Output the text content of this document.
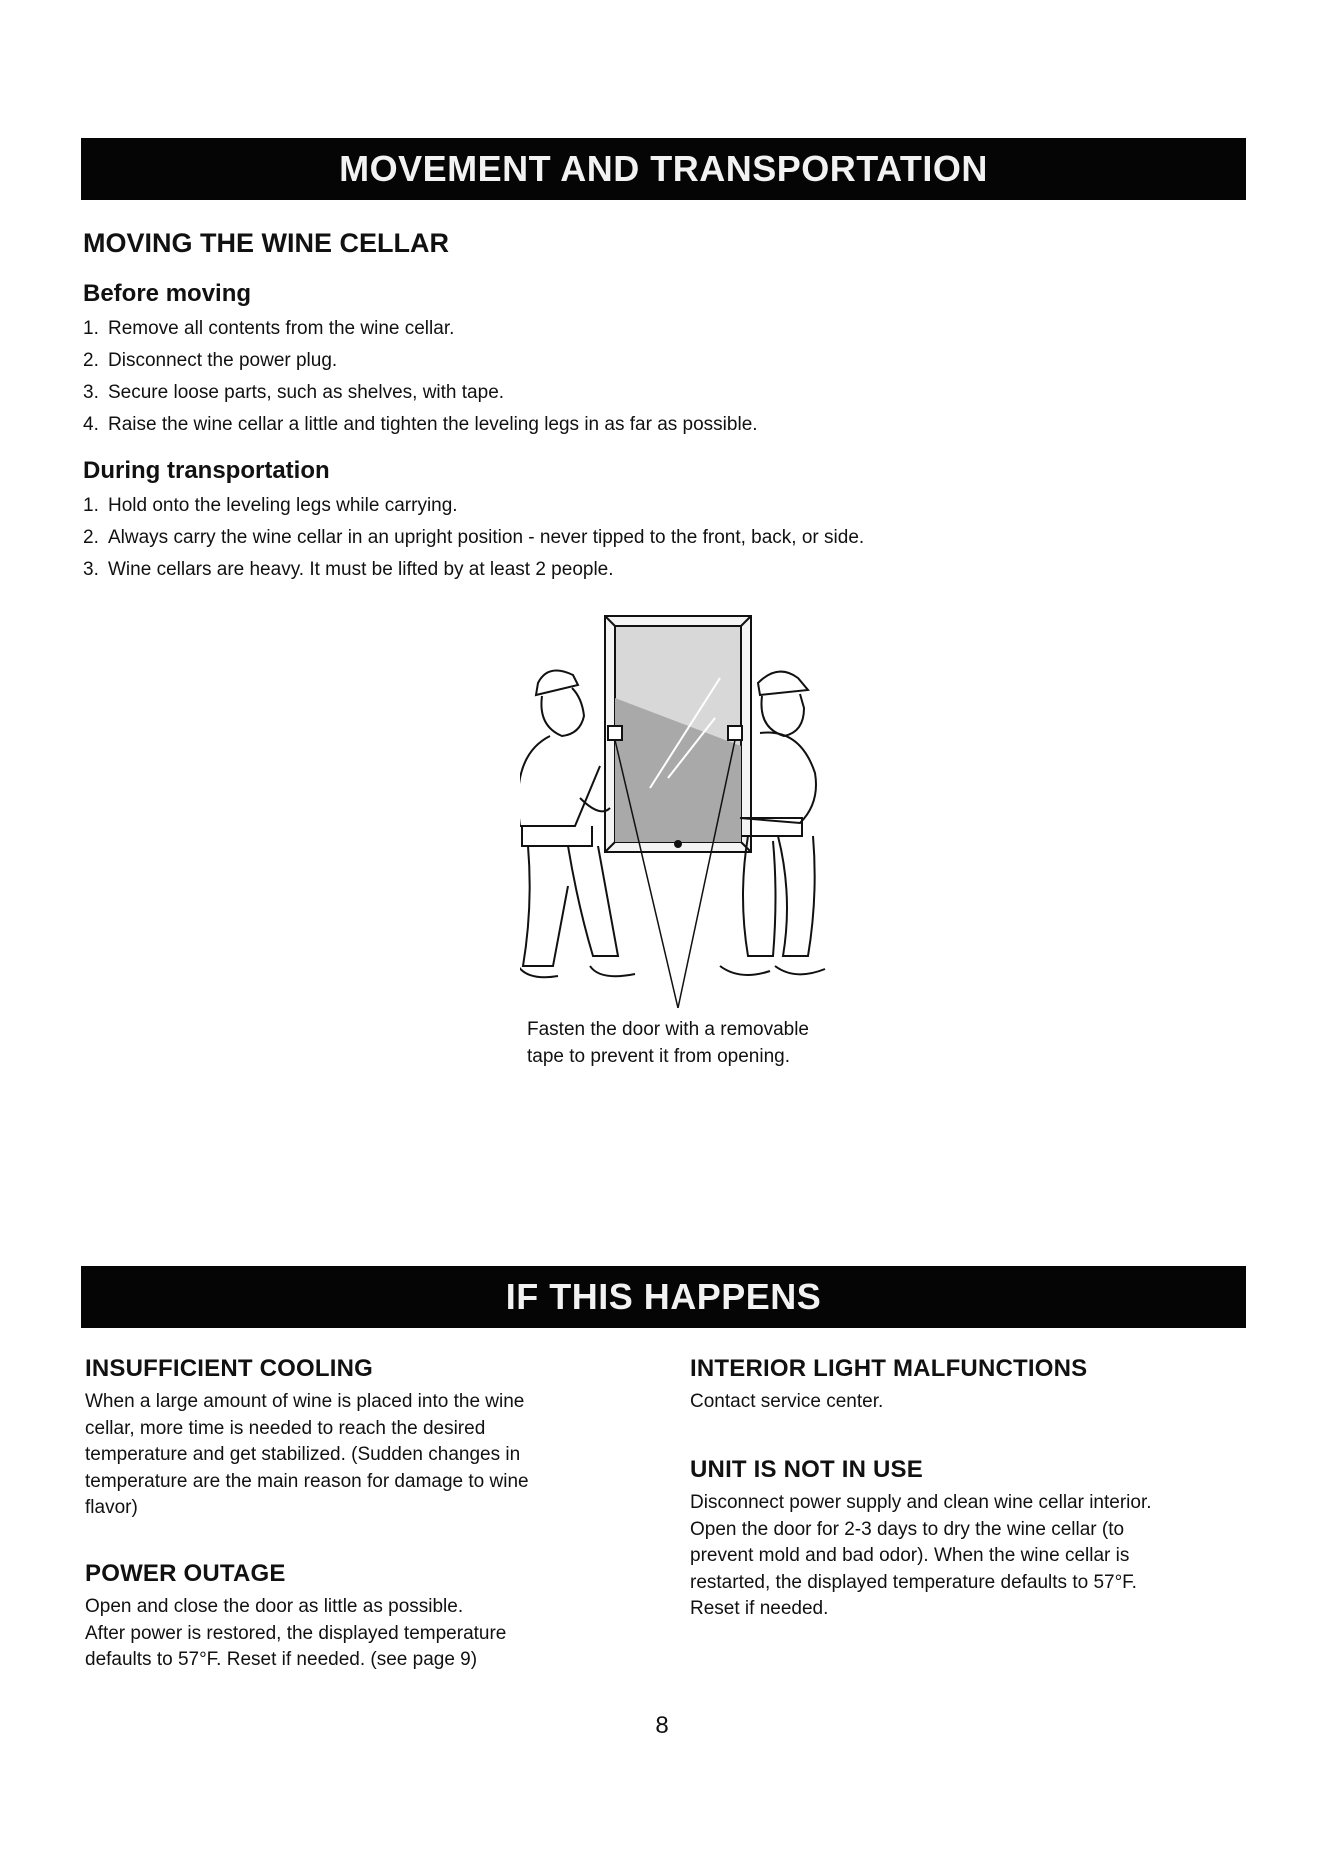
MOVEMENT AND TRANSPORTATION
MOVING THE WINE CELLAR
Before moving
1. Remove all contents from the wine cellar.
2. Disconnect the power plug.
3. Secure loose parts, such as shelves, with tape.
4. Raise the wine cellar a little and tighten the leveling legs in as far as possible.
During transportation
1. Hold onto the leveling legs while carrying.
2. Always carry the wine cellar in an upright position - never tipped to the front, back, or side.
3. Wine cellars are heavy. It must be lifted by at least 2 people.
Fasten the door with a removable
tape to prevent it from opening.
IF THIS HAPPENS
INSUFFICIENT COOLING
When a large amount of wine is placed into the wine
cellar, more time is needed to reach the desired
temperature and get stabilized. (Sudden changes in
temperature are the main reason for damage to wine
flavor)
POWER OUTAGE
Open and close the door as little as possible.
After power is restored, the displayed temperature
defaults to 57°F. Reset if needed. (see page 9)
INTERIOR LIGHT MALFUNCTIONS
Contact service center.
UNIT IS NOT IN USE
Disconnect power supply and clean wine cellar interior.
Open the door for 2-3 days to dry the wine cellar (to
prevent mold and bad odor). When the wine cellar is
restarted, the displayed temperature defaults to 57°F.
Reset if needed.
8
